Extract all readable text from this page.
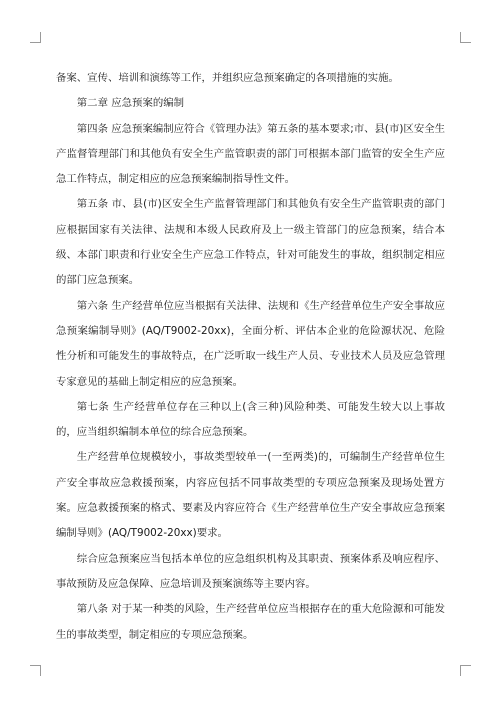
备案、宣传、培训和演练等工作，并组织应急预案确定的各项措施的实施。

第二章 应急预案的编制

第四条 应急预案编制应符合《管理办法》第五条的基本要求;市、县(市)区安全生产监督管理部门和其他负有安全生产监管职责的部门可根据本部门监管的安全生产应急工作特点，制定相应的应急预案编制指导性文件。

第五条 市、县(市)区安全生产监督管理部门和其他负有安全生产监管职责的部门应根据国家有关法律、法规和本级人民政府及上一级主管部门的应急预案，结合本级、本部门职责和行业安全生产应急工作特点，针对可能发生的事故，组织制定相应的部门应急预案。

第六条 生产经营单位应当根据有关法律、法规和《生产经营单位生产安全事故应急预案编制导则》(AQ/T9002-20xx)，全面分析、评估本企业的危险源状况、危险性分析和可能发生的事故特点，在广泛听取一线生产人员、专业技术人员及应急管理专家意见的基础上制定相应的应急预案。

第七条 生产经营单位存在三种以上(含三种)风险种类、可能发生较大以上事故的，应当组织编制本单位的综合应急预案。

生产经营单位规模较小，事故类型较单一(一至两类)的，可编制生产经营单位生产安全事故应急救援预案，内容应包括不同事故类型的专项应急预案及现场处置方案。应急救援预案的格式、要素及内容应符合《生产经营单位生产安全事故应急预案编制导则》(AQ/T9002-20xx)要求。

综合应急预案应当包括本单位的应急组织机构及其职责、预案体系及响应程序、事故预防及应急保障、应急培训及预案演练等主要内容。

第八条 对于某一种类的风险，生产经营单位应当根据存在的重大危险源和可能发生的事故类型，制定相应的专项应急预案。
